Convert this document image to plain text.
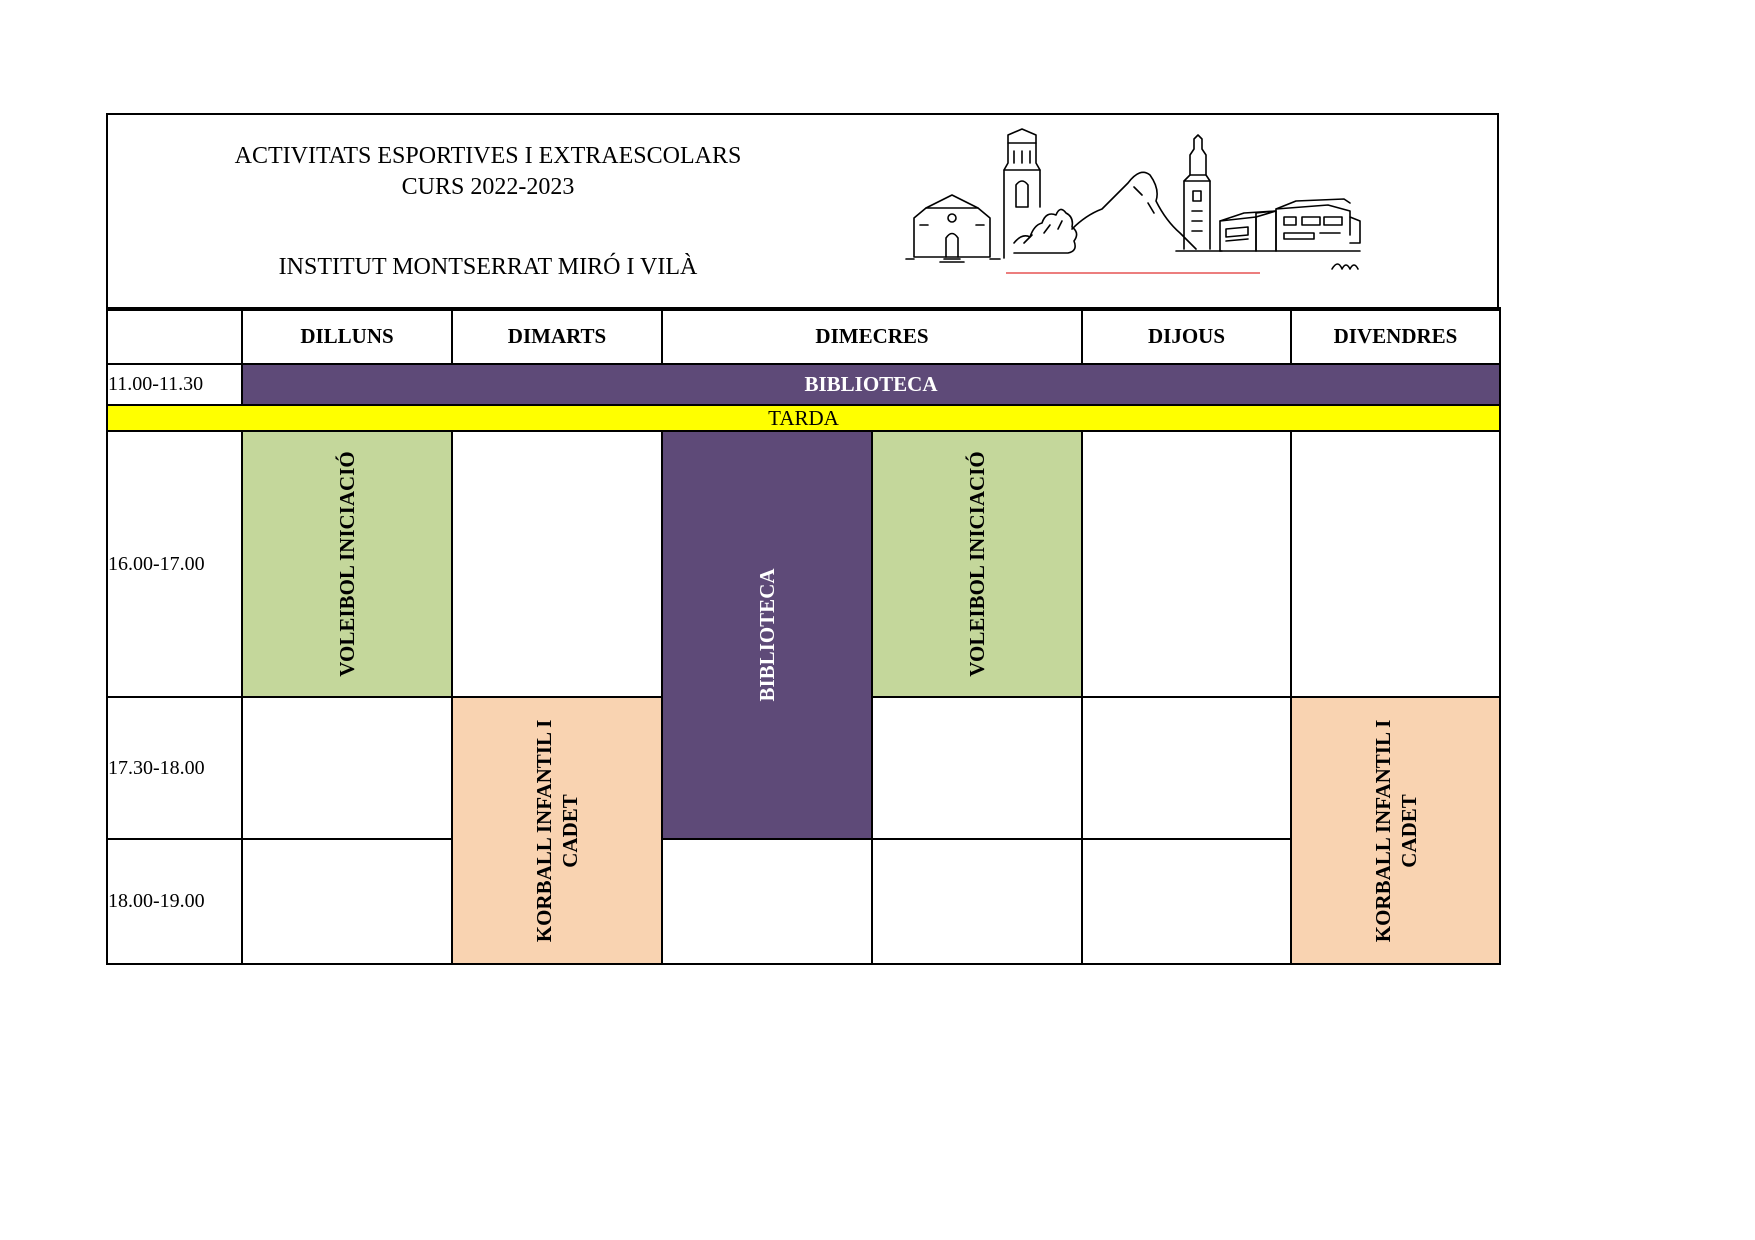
ACTIVITATS ESPORTIVES I EXTRAESCOLARS
CURS 2022-2023
INSTITUT MONTSERRAT MIRÓ I VILÀ
	DILLUNS	DIMARTS	DIMECRES		DIJOUS	DIVENDRES
11.00-11.30	BIBLIOTECA					
TARDA						
16.00-17.00	VOLEIBOL INICIACIÓ		BIBLIOTECA	VOLEIBOL INICIACIÓ		

17.30-18.00		KORBALL INFANTIL I CADET				KORBALL INFANTIL I CADET

18.00-19.00						
